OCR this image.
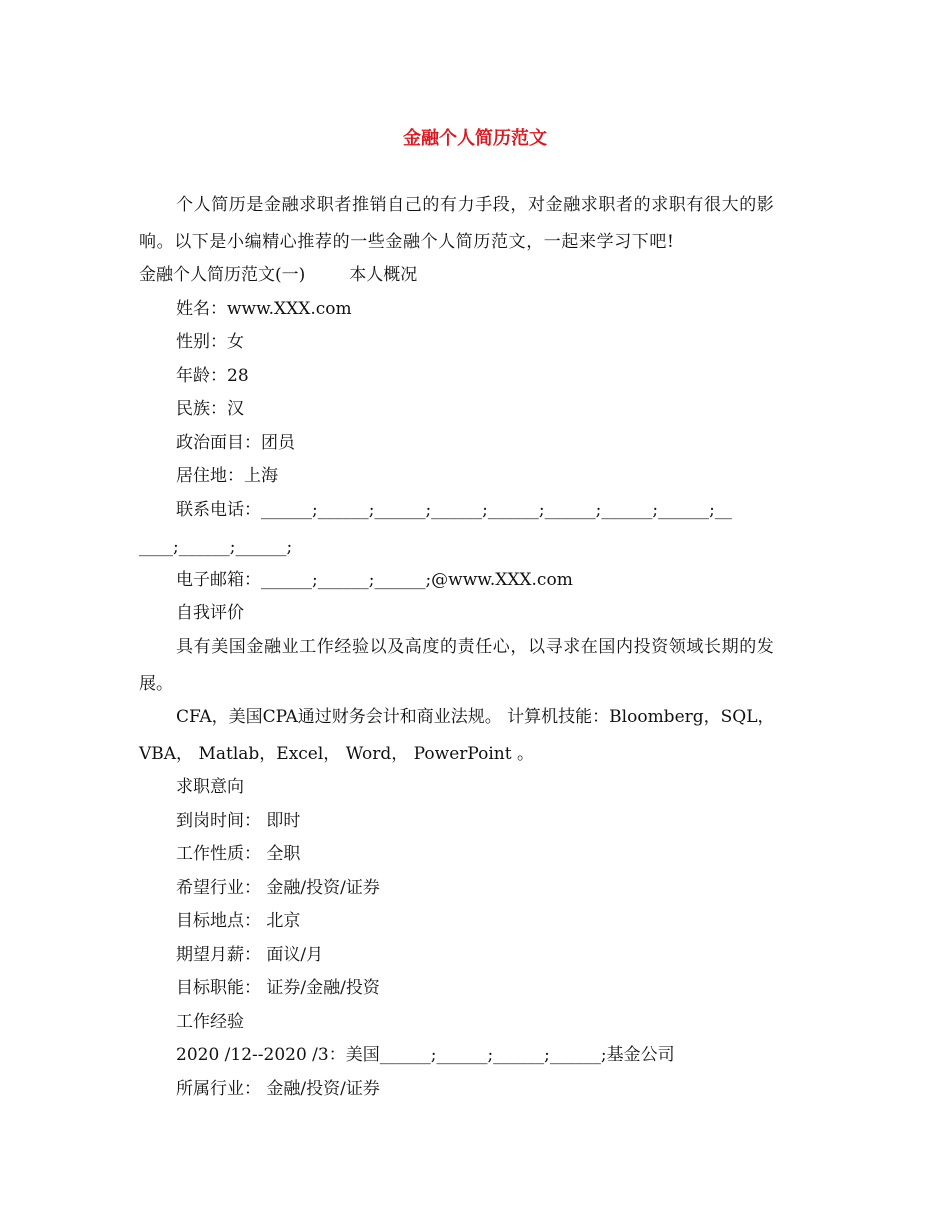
金融个人简历范文
个人简历是金融求职者推销自己的有力手段，对金融求职者的求职有很大的影
响。以下是小编精心推荐的一些金融个人简历范文，一起来学习下吧!
金融个人简历范文(一)	本人概况
姓名：www.XXX.com
性别：女
年龄：28
民族：汉
政治面目：团员
居住地：上海
联系电话：______;______;______;______;______;______;______;______;__
____;______;______;
电子邮箱：______;______;______;@www.XXX.com
自我评价
具有美国金融业工作经验以及高度的责任心，以寻求在国内投资领域长期的发
展。
CFA，美国CPA通过财务会计和商业法规。 计算机技能：Bloomberg，SQL，
VBA， Matlab，Excel， Word， PowerPoint 。
求职意向
到岗时间： 即时
工作性质： 全职
希望行业： 金融/投资/证券
目标地点： 北京
期望月薪： 面议/月
目标职能： 证券/金融/投资
工作经验
2020 /12--2020 /3：美国______;______;______;______;基金公司
所属行业： 金融/投资/证券
